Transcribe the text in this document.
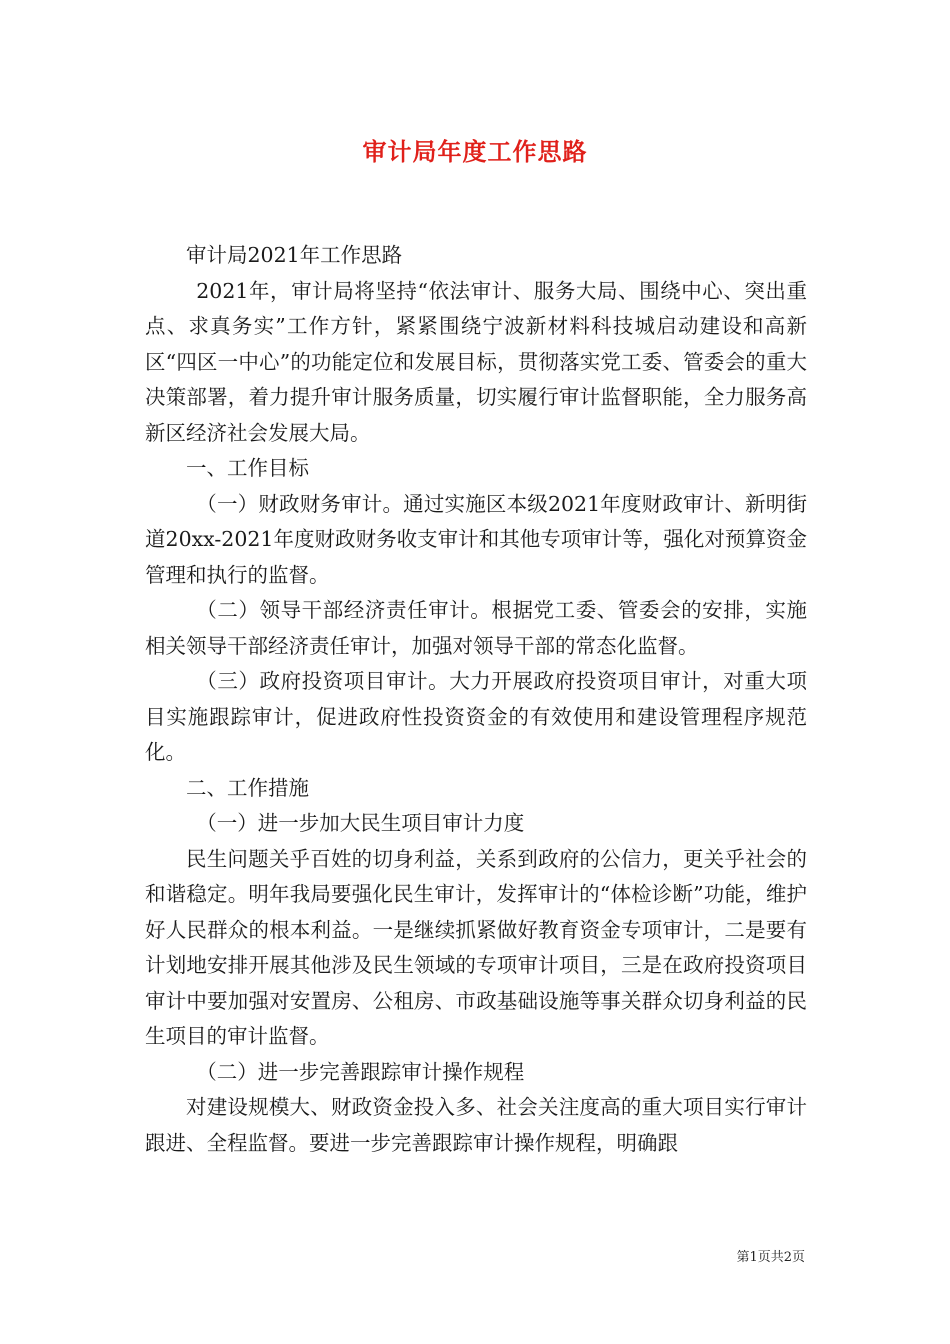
审计局年度工作思路

审计局2021年工作思路

2021年，审计局将坚持“依法审计、服务大局、围绕中心、突出重点、求真务实”工作方针，紧紧围绕宁波新材料科技城启动建设和高新区“四区一中心”的功能定位和发展目标，贯彻落实党工委、管委会的重大决策部署，着力提升审计服务质量，切实履行审计监督职能，全力服务高新区经济社会发展大局。

一、工作目标

（一）财政财务审计。通过实施区本级2021年度财政审计、新明街道20xx-2021年度财政财务收支审计和其他专项审计等，强化对预算资金管理和执行的监督。

（二）领导干部经济责任审计。根据党工委、管委会的安排，实施相关领导干部经济责任审计，加强对领导干部的常态化监督。

（三）政府投资项目审计。大力开展政府投资项目审计，对重大项目实施跟踪审计，促进政府性投资资金的有效使用和建设管理程序规范化。

二、工作措施

（一）进一步加大民生项目审计力度

民生问题关乎百姓的切身利益，关系到政府的公信力，更关乎社会的和谐稳定。明年我局要强化民生审计，发挥审计的“体检诊断”功能，维护好人民群众的根本利益。一是继续抓紧做好教育资金专项审计，二是要有计划地安排开展其他涉及民生领域的专项审计项目，三是在政府投资项目审计中要加强对安置房、公租房、市政基础设施等事关群众切身利益的民生项目的审计监督。

（二）进一步完善跟踪审计操作规程

对建设规模大、财政资金投入多、社会关注度高的重大项目实行审计跟进、全程监督。要进一步完善跟踪审计操作规程，明确跟

第1页共2页
